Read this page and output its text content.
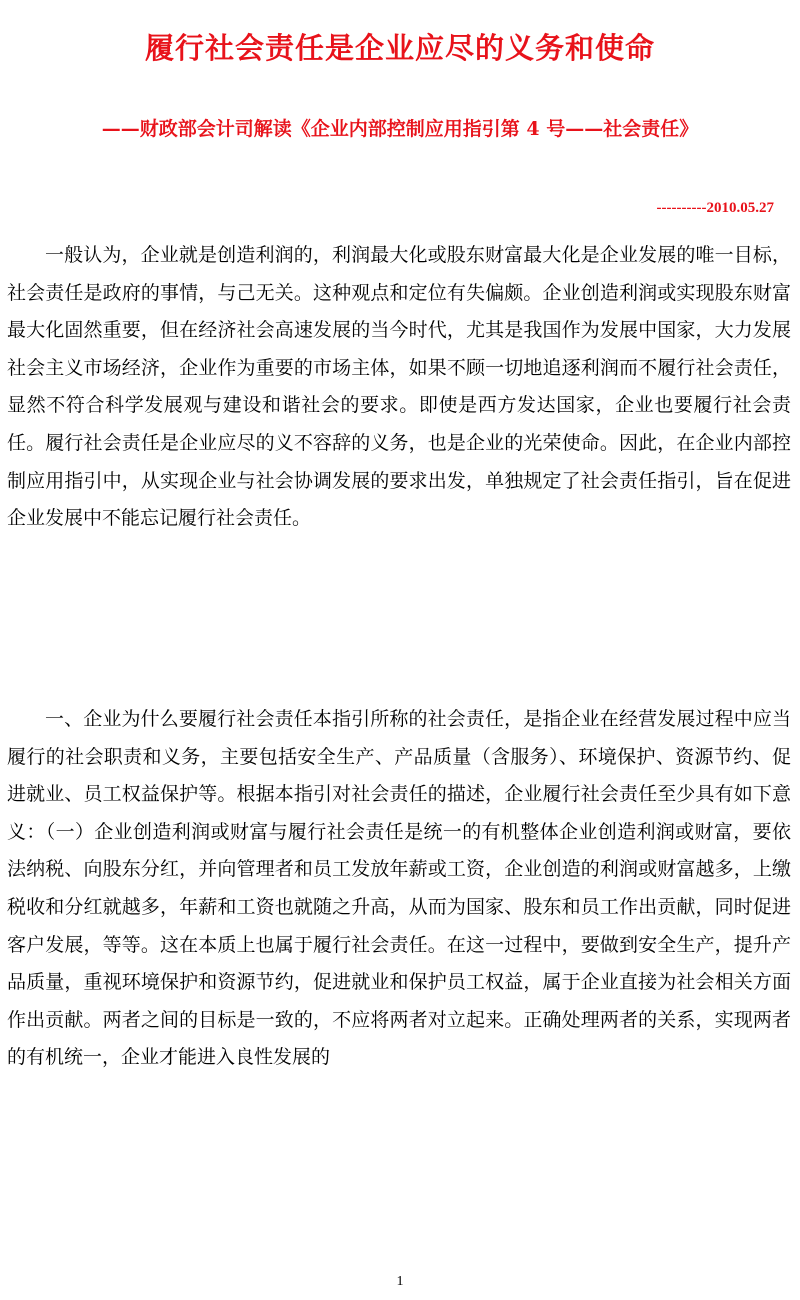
履行社会责任是企业应尽的义务和使命
——财政部会计司解读《企业内部控制应用指引第 4 号——社会责任》
----------2010.05.27

一般认为，企业就是创造利润的，利润最大化或股东财富最大化是企业发展的唯一目标，社会责任是政府的事情，与己无关。这种观点和定位有失偏颇。企业创造利润或实现股东财富最大化固然重要，但在经济社会高速发展的当今时代，尤其是我国作为发展中国家，大力发展社会主义市场经济，企业作为重要的市场主体，如果不顾一切地追逐利润而不履行社会责任，显然不符合科学发展观与建设和谐社会的要求。即使是西方发达国家，企业也要履行社会责任。履行社会责任是企业应尽的义不容辞的义务，也是企业的光荣使命。因此，在企业内部控制应用指引中，从实现企业与社会协调发展的要求出发，单独规定了社会责任指引，旨在促进企业发展中不能忘记履行社会责任。

一、企业为什么要履行社会责任本指引所称的社会责任，是指企业在经营发展过程中应当履行的社会职责和义务，主要包括安全生产、产品质量（含服务）、环境保护、资源节约、促进就业、员工权益保护等。根据本指引对社会责任的描述，企业履行社会责任至少具有如下意义：（一）企业创造利润或财富与履行社会责任是统一的有机整体企业创造利润或财富，要依法纳税、向股东分红，并向管理者和员工发放年薪或工资，企业创造的利润或财富越多，上缴税收和分红就越多，年薪和工资也就随之升高，从而为国家、股东和员工作出贡献，同时促进客户发展，等等。这在本质上也属于履行社会责任。在这一过程中，要做到安全生产，提升产品质量，重视环境保护和资源节约，促进就业和保护员工权益，属于企业直接为社会相关方面作出贡献。两者之间的目标是一致的，不应将两者对立起来。正确处理两者的关系，实现两者的有机统一，企业才能进入良性发展的

1
